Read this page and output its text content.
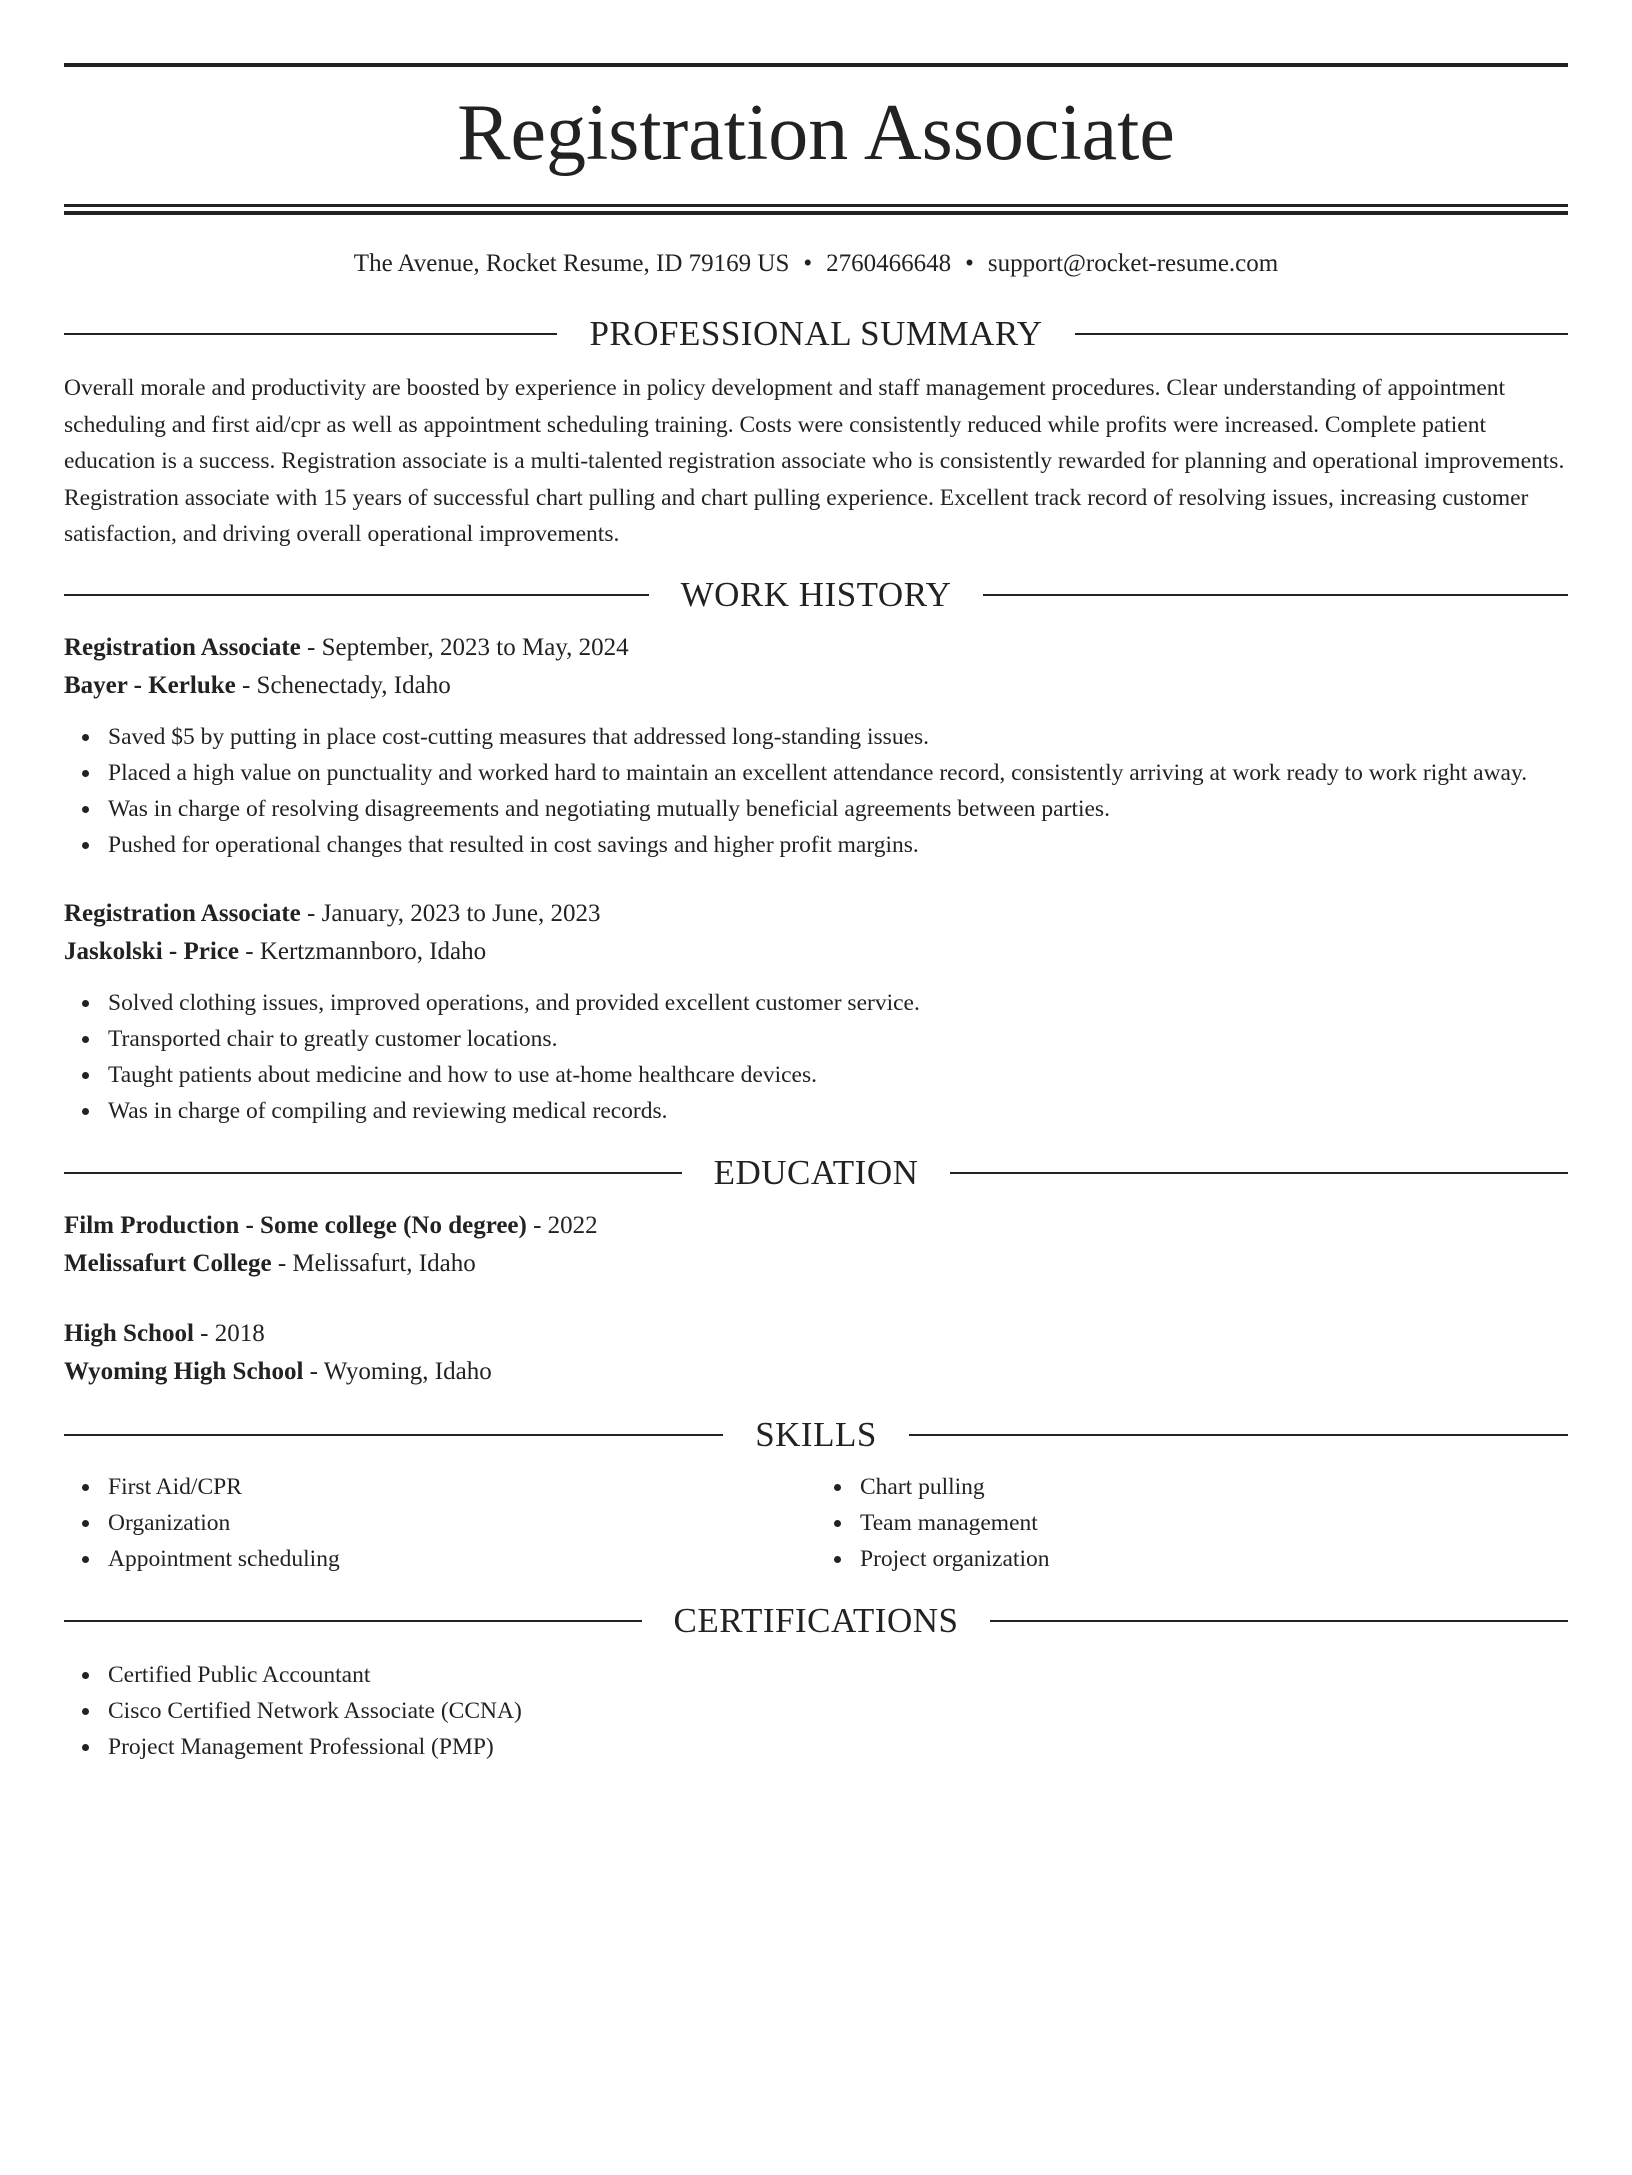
Registration Associate
The Avenue, Rocket Resume, ID 79169 US • 2760466648 • support@rocket-resume.com
PROFESSIONAL SUMMARY
Overall morale and productivity are boosted by experience in policy development and staff management procedures. Clear understanding of appointment scheduling and first aid/cpr as well as appointment scheduling training. Costs were consistently reduced while profits were increased. Complete patient education is a success. Registration associate is a multi-talented registration associate who is consistently rewarded for planning and operational improvements. Registration associate with 15 years of successful chart pulling and chart pulling experience. Excellent track record of resolving issues, increasing customer satisfaction, and driving overall operational improvements.
WORK HISTORY
Registration Associate - September, 2023 to May, 2024
Bayer - Kerluke - Schenectady, Idaho
Saved $5 by putting in place cost-cutting measures that addressed long-standing issues.
Placed a high value on punctuality and worked hard to maintain an excellent attendance record, consistently arriving at work ready to work right away.
Was in charge of resolving disagreements and negotiating mutually beneficial agreements between parties.
Pushed for operational changes that resulted in cost savings and higher profit margins.
Registration Associate - January, 2023 to June, 2023
Jaskolski - Price - Kertzmannboro, Idaho
Solved clothing issues, improved operations, and provided excellent customer service.
Transported chair to greatly customer locations.
Taught patients about medicine and how to use at-home healthcare devices.
Was in charge of compiling and reviewing medical records.
EDUCATION
Film Production - Some college (No degree) - 2022
Melissafurt College - Melissafurt, Idaho
High School - 2018
Wyoming High School - Wyoming, Idaho
SKILLS
First Aid/CPR
Organization
Appointment scheduling
Chart pulling
Team management
Project organization
CERTIFICATIONS
Certified Public Accountant
Cisco Certified Network Associate (CCNA)
Project Management Professional (PMP)
